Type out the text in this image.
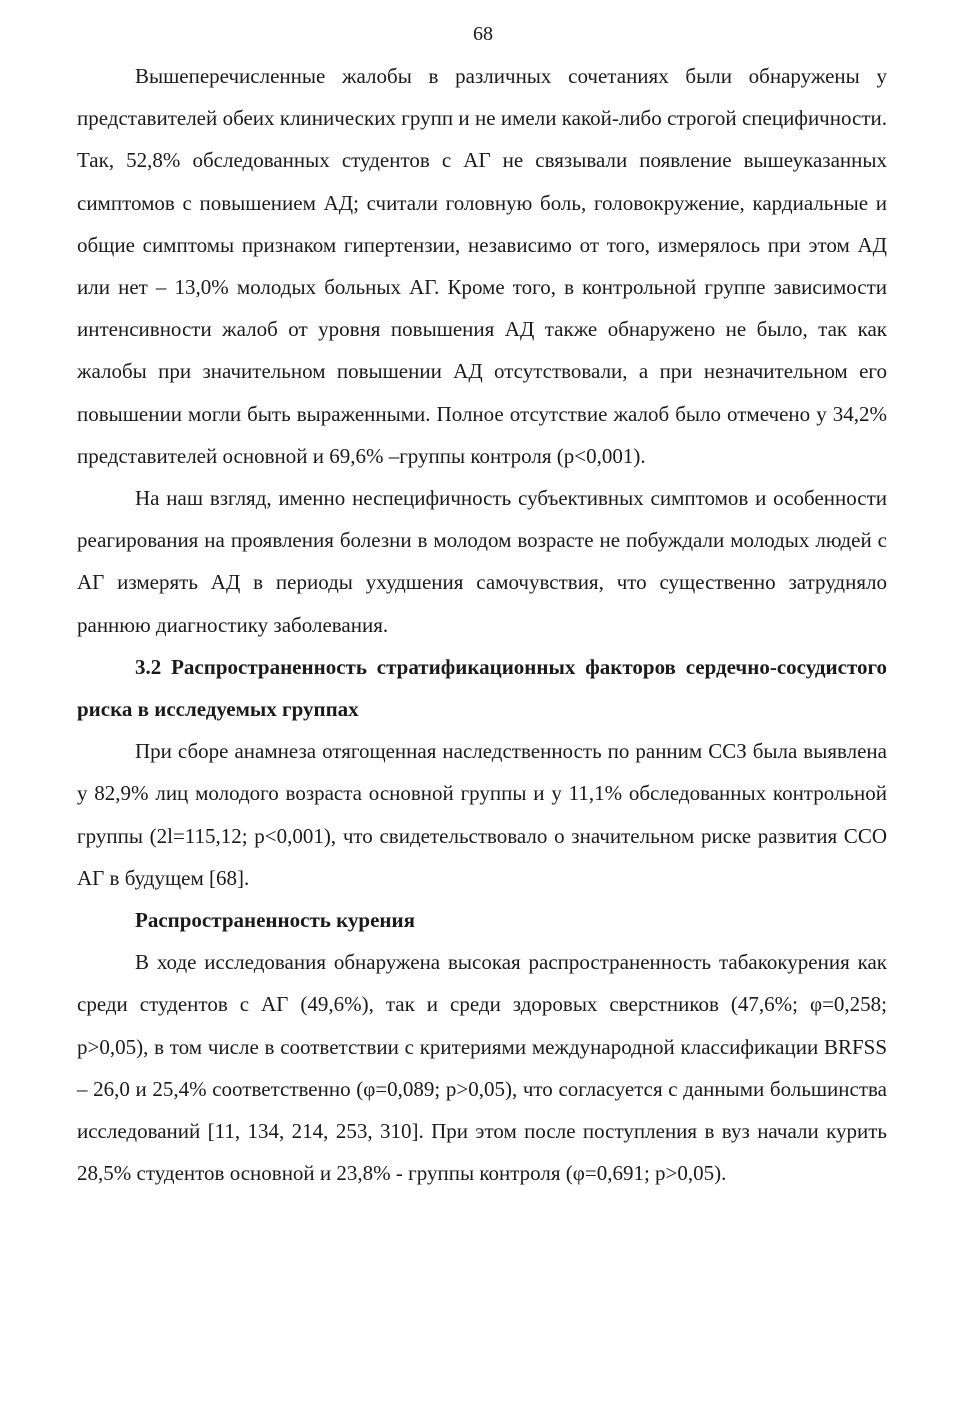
68

Вышеперечисленные жалобы в различных сочетаниях были обнаружены у представителей обеих клинических групп и не имели какой-либо строгой специфичности. Так, 52,8% обследованных студентов с АГ не связывали появление вышеуказанных симптомов с повышением АД; считали головную боль, головокружение, кардиальные и общие симптомы признаком гипертензии, независимо от того, измерялось при этом АД или нет – 13,0% молодых больных АГ. Кроме того, в контрольной группе зависимости интенсивности жалоб от уровня повышения АД также обнаружено не было, так как жалобы при значительном повышении АД отсутствовали, а при незначительном его повышении могли быть выраженными. Полное отсутствие жалоб было отмечено у 34,2% представителей основной и 69,6% –группы контроля (p<0,001).

На наш взгляд, именно неспецифичность субъективных симптомов и особенности реагирования на проявления болезни в молодом возрасте не побуждали молодых людей с АГ измерять АД в периоды ухудшения самочувствия, что существенно затрудняло раннюю диагностику заболевания.

3.2 Распространенность стратификационных факторов сердечно-сосудистого риска в исследуемых группах

При сборе анамнеза отягощенная наследственность по ранним ССЗ была выявлена у 82,9% лиц молодого возраста основной группы и у 11,1% обследованных контрольной группы (2l=115,12; p<0,001), что свидетельствовало о значительном риске развития ССО АГ в будущем [68].

Распространенность курения

В ходе исследования обнаружена высокая распространенность табакокурения как среди студентов с АГ (49,6%), так и среди здоровых сверстников (47,6%; φ=0,258; p>0,05), в том числе в соответствии с критериями международной классификации BRFSS – 26,0 и 25,4% соответственно (φ=0,089; p>0,05), что согласуется с данными большинства исследований [11, 134, 214, 253, 310]. При этом после поступления в вуз начали курить 28,5% студентов основной и 23,8% - группы контроля (φ=0,691; p>0,05).
